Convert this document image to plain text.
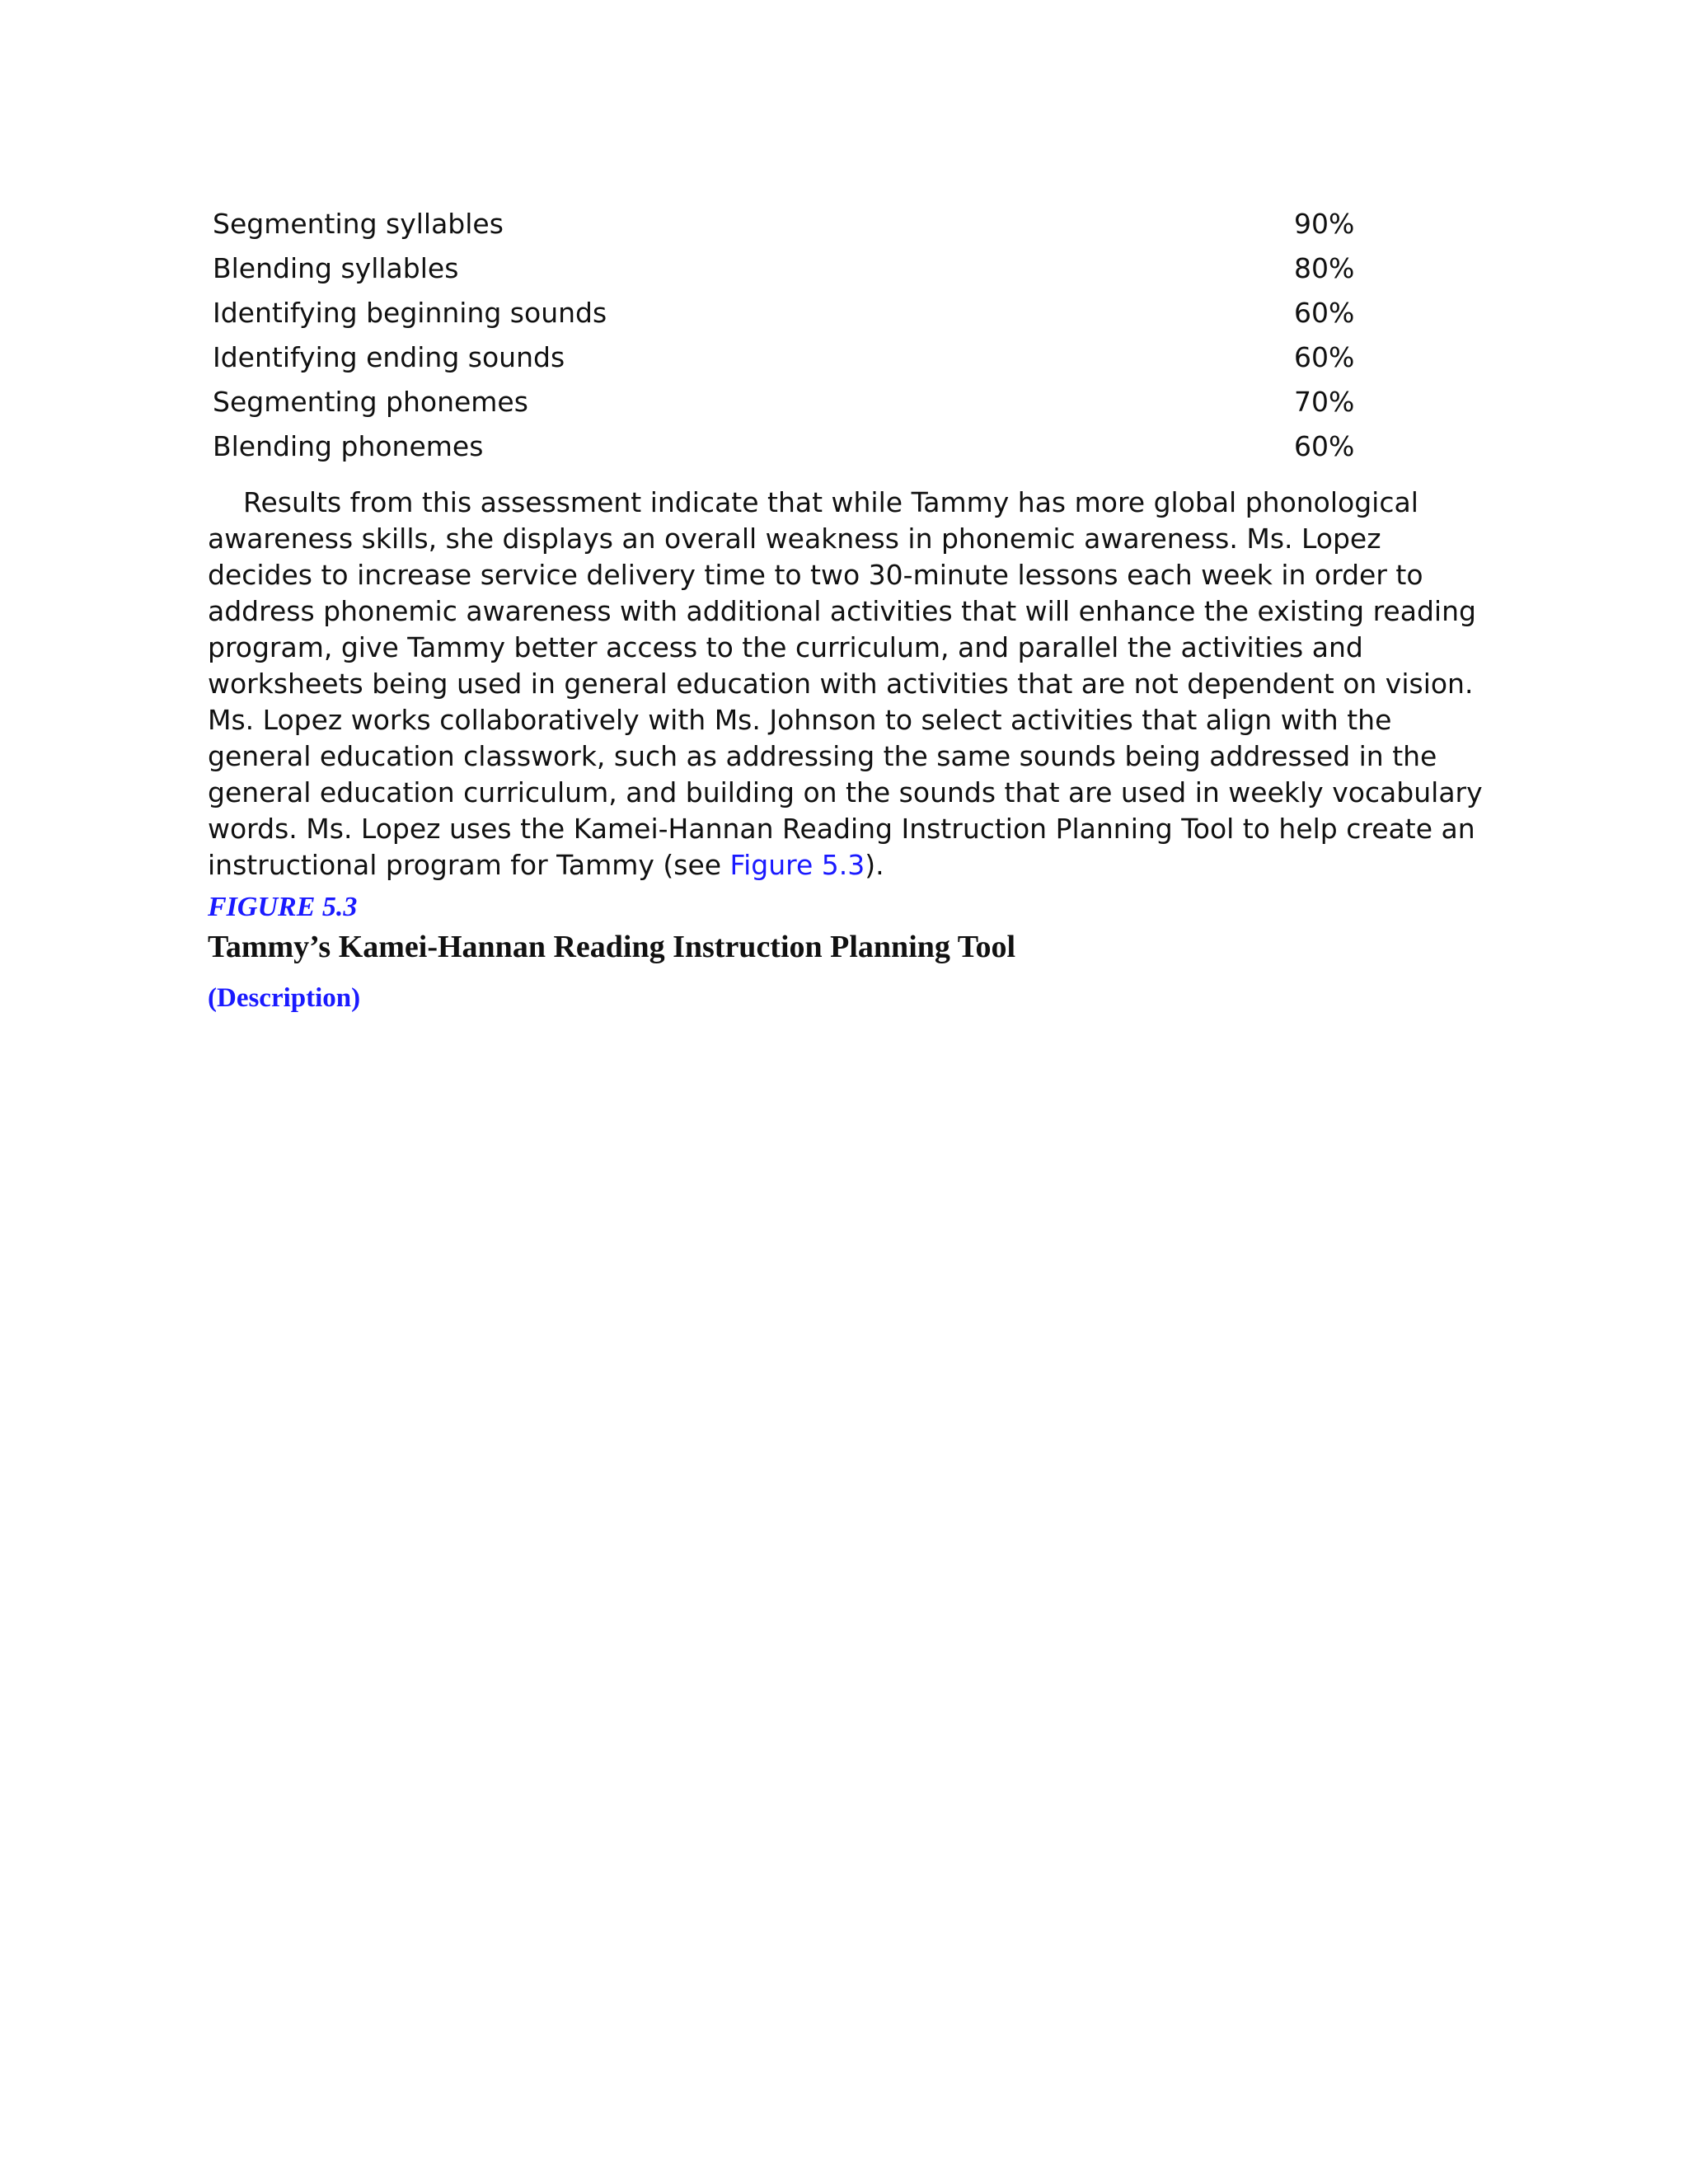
Segmenting syllables	90%
Blending syllables	80%
Identifying beginning sounds	60%
Identifying ending sounds	60%
Segmenting phonemes	70%
Blending phonemes	60%

Results from this assessment indicate that while Tammy has more global phonological awareness skills, she displays an overall weakness in phonemic awareness. Ms. Lopez decides to increase service delivery time to two 30-minute lessons each week in order to address phonemic awareness with additional activities that will enhance the existing reading program, give Tammy better access to the curriculum, and parallel the activities and worksheets being used in general education with activities that are not dependent on vision. Ms. Lopez works collaboratively with Ms. Johnson to select activities that align with the general education classwork, such as addressing the same sounds being addressed in the general education curriculum, and building on the sounds that are used in weekly vocabulary words. Ms. Lopez uses the Kamei-Hannan Reading Instruction Planning Tool to help create an instructional program for Tammy (see Figure 5.3).

FIGURE 5.3

Tammy’s Kamei-Hannan Reading Instruction Planning Tool

(Description)
